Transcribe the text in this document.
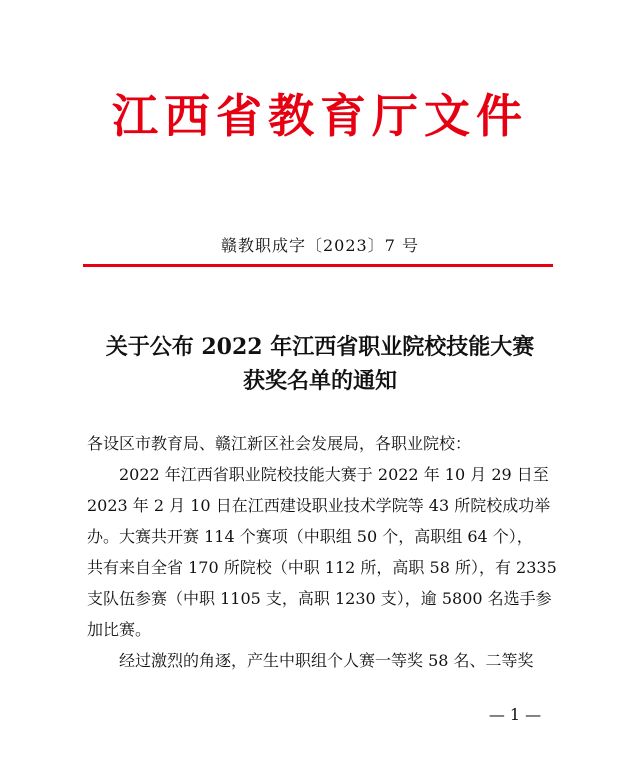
江西省教育厅文件
赣教职成字〔2023〕7 号
关于公布 2022 年江西省职业院校技能大赛
获奖名单的通知
各设区市教育局、赣江新区社会发展局，各职业院校：
2022 年江西省职业院校技能大赛于 2022 年 10 月 29 日至
2023 年 2 月 10 日在江西建设职业技术学院等 43 所院校成功举
办。大赛共开赛 114 个赛项（中职组 50 个，高职组 64 个），
共有来自全省 170 所院校（中职 112 所，高职 58 所），有 2335
支队伍参赛（中职 1105 支，高职 1230 支），逾 5800 名选手参
加比赛。
经过激烈的角逐，产生中职组个人赛一等奖 58 名、二等奖
— 1 —
